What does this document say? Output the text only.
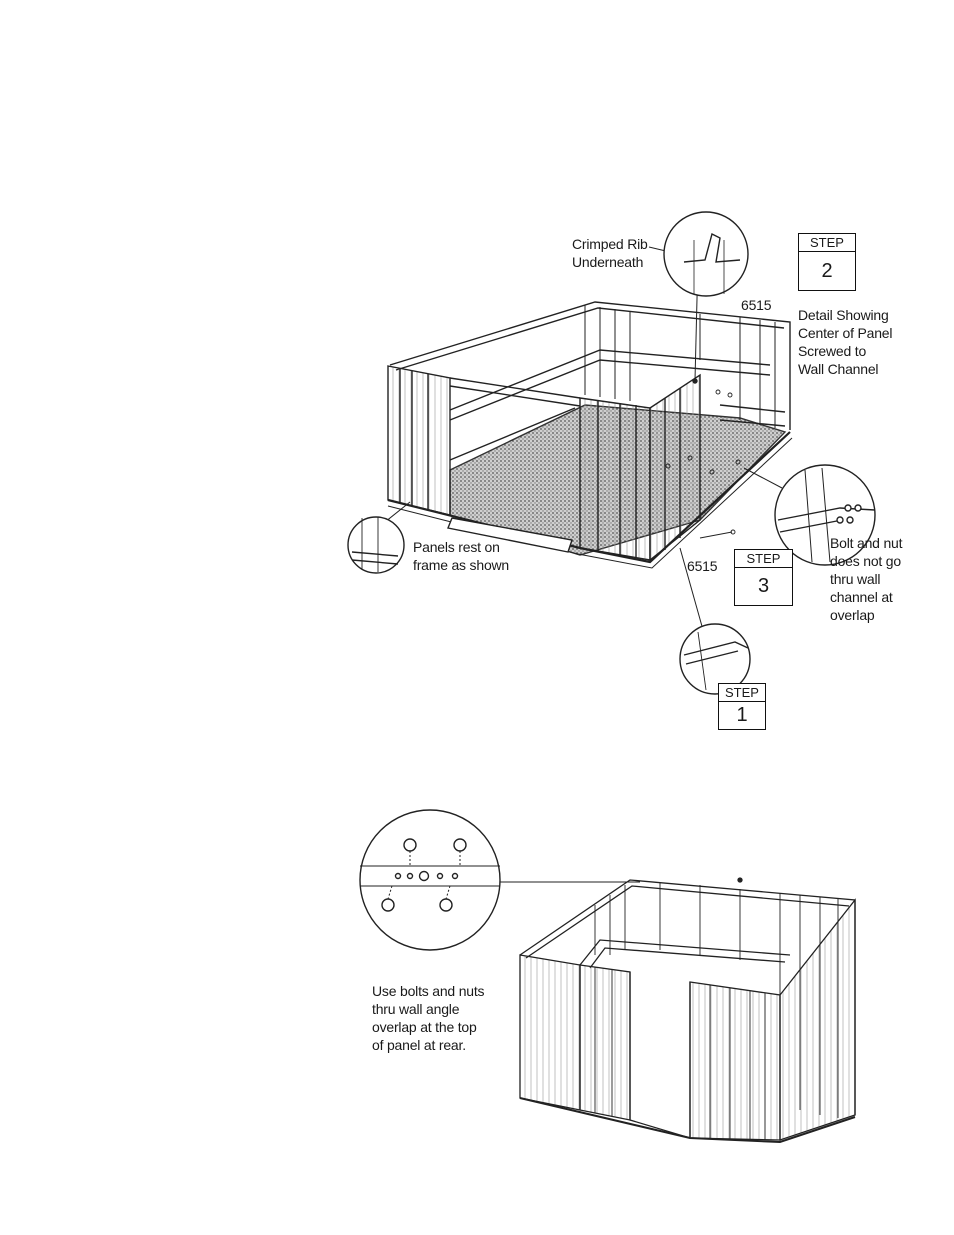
Crimped Rib
Underneath
6515
Detail Showing
Center of Panel
Screwed to
Wall Channel
Panels rest on
frame as shown	6515
Bolt and nut
does not go
thru wall
channel at
overlap
STEP
2
STEP
3
STEP
1
Use bolts and nuts
thru wall angle
overlap at the top
of panel at rear.
